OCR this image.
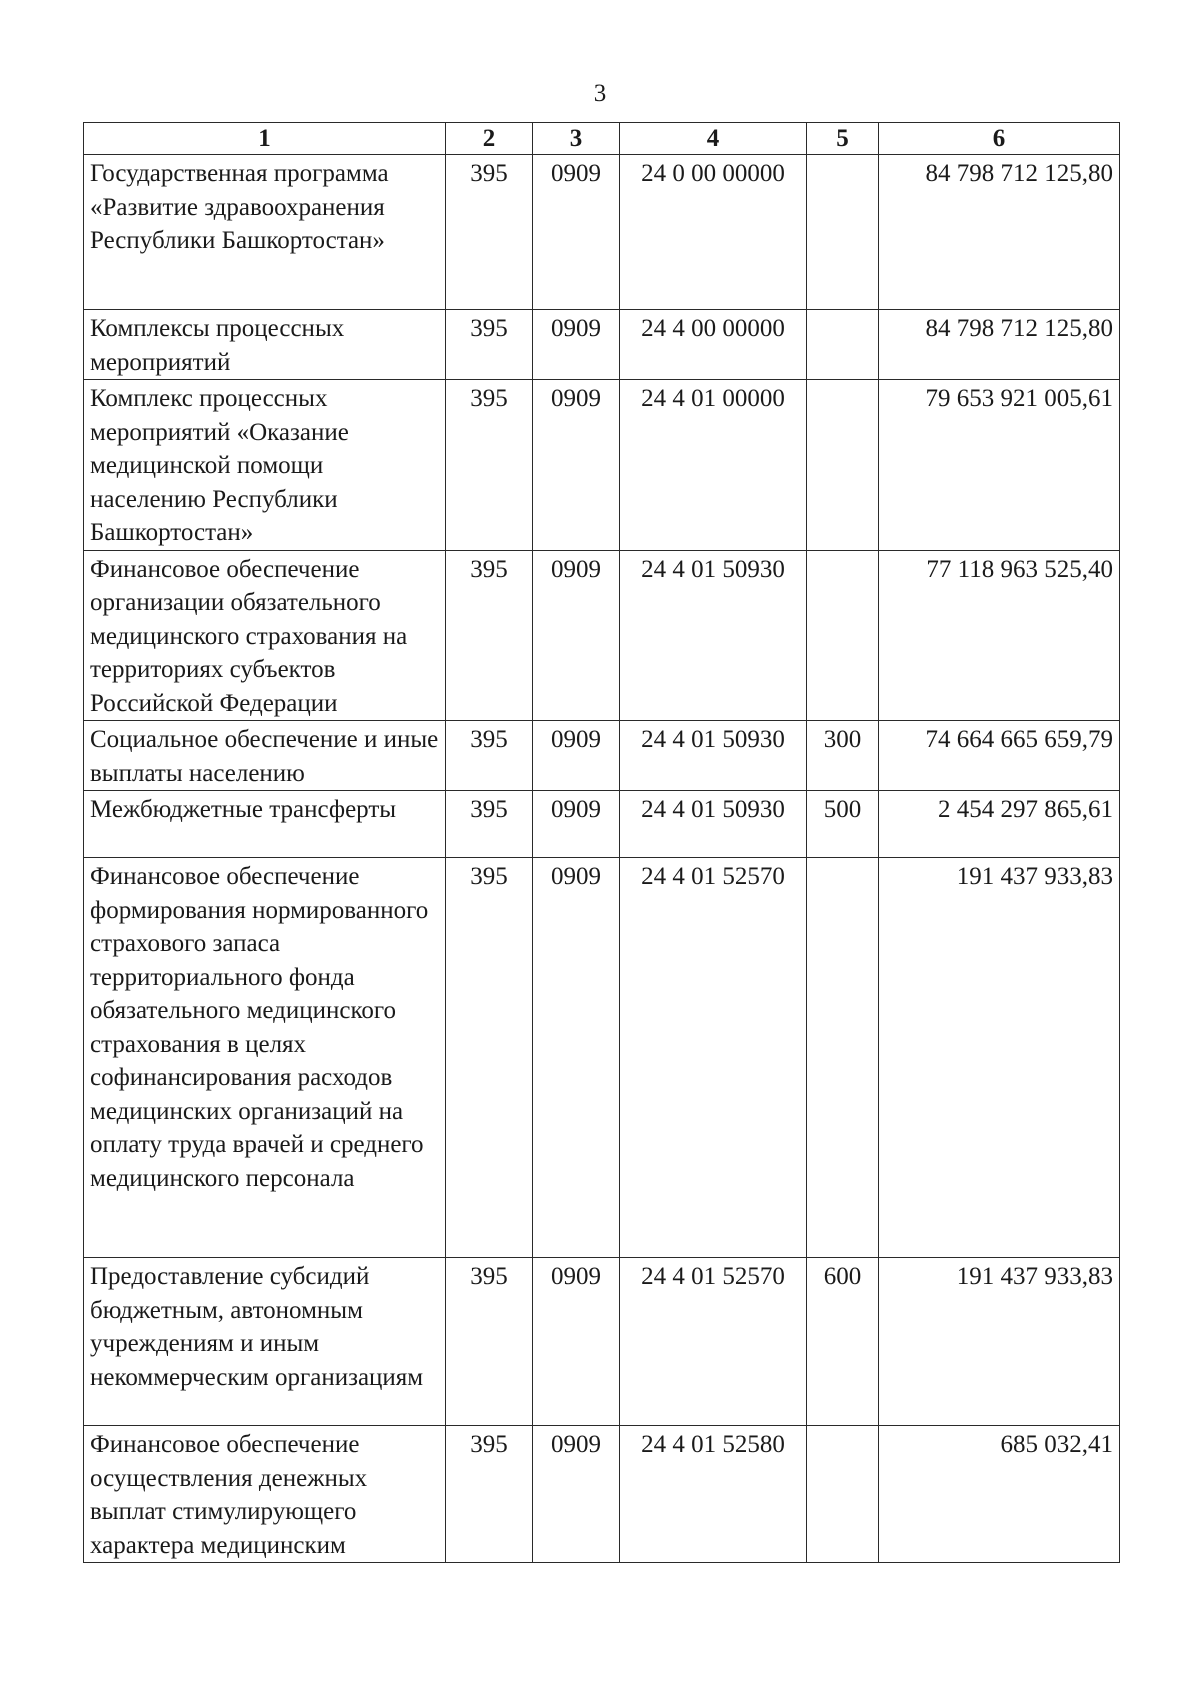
3
1	2	3	4	5	6
Государственная программа «Развитие здравоохранения Республики Башкортостан»	395	0909	24 0 00 00000		84 798 712 125,80
Комплексы процессных мероприятий	395	0909	24 4 00 00000		84 798 712 125,80
Комплекс процессных мероприятий «Оказание медицинской помощи населению Республики Башкортостан»	395	0909	24 4 01 00000		79 653 921 005,61
Финансовое обеспечение организации обязательного медицинского страхования на территориях субъектов Российской Федерации	395	0909	24 4 01 50930		77 118 963 525,40
Социальное обеспечение и иные выплаты населению	395	0909	24 4 01 50930	300	74 664 665 659,79
Межбюджетные трансферты	395	0909	24 4 01 50930	500	2 454 297 865,61
Финансовое обеспечение формирования нормированного страхового запаса территориального фонда обязательного медицинского страхования в целях софинансирования расходов медицинских организаций на оплату труда врачей и среднего медицинского персонала	395	0909	24 4 01 52570		191 437 933,83
Предоставление субсидий бюджетным, автономным учреждениям и иным некоммерческим организациям	395	0909	24 4 01 52570	600	191 437 933,83
Финансовое обеспечение осуществления денежных выплат стимулирующего характера медицинским	395	0909	24 4 01 52580		685 032,41
